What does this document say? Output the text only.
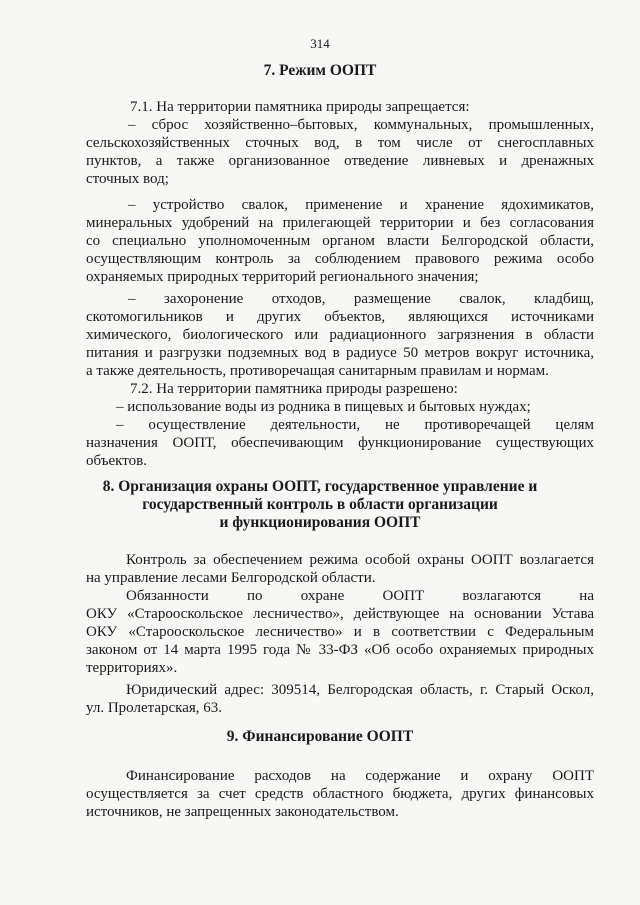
314
7. Режим ООПТ
7.1. На территории памятника природы запрещается:
– сброс хозяйственно–бытовых, коммунальных, промышленных,
сельскохозяйственных сточных вод, в том числе от снегосплавных
пунктов, а также организованное отведение ливневых и дренажных
сточных вод;
– устройство свалок, применение и хранение ядохимикатов,
минеральных удобрений на прилегающей территории и без согласования
со специально уполномоченным органом власти Белгородской области,
осуществляющим контроль за соблюдением правового режима особо
охраняемых природных территорий регионального значения;
– захоронение отходов, размещение свалок, кладбищ,
скотомогильников и других объектов, являющихся источниками
химического, биологического или радиационного загрязнения в области
питания и разгрузки подземных вод в радиусе 50 метров вокруг источника,
а также деятельность, противоречащая санитарным правилам и нормам.
7.2. На территории памятника природы разрешено:
– использование воды из родника в пищевых и бытовых нуждах;
– осуществление деятельности, не противоречащей целям
назначения ООПТ, обеспечивающим функционирование существующих
объектов.
8. Организация охраны ООПТ, государственное управление и
государственный контроль в области организации
и функционирования ООПТ
Контроль за обеспечением режима особой охраны ООПТ возлагается
на управление лесами Белгородской области.
Обязанности по охране ООПТ возлагаются на
ОКУ «Старооскольское лесничество», действующее на основании Устава
ОКУ «Старооскольское лесничество» и в соответствии с Федеральным
законом от 14 марта 1995 года № 33-ФЗ «Об особо охраняемых природных
территориях».
Юридический адрес: 309514, Белгородская область, г. Старый Оскол,
ул. Пролетарская, 63.
9. Финансирование ООПТ
Финансирование расходов на содержание и охрану ООПТ
осуществляется за счет средств областного бюджета, других финансовых
источников, не запрещенных законодательством.
